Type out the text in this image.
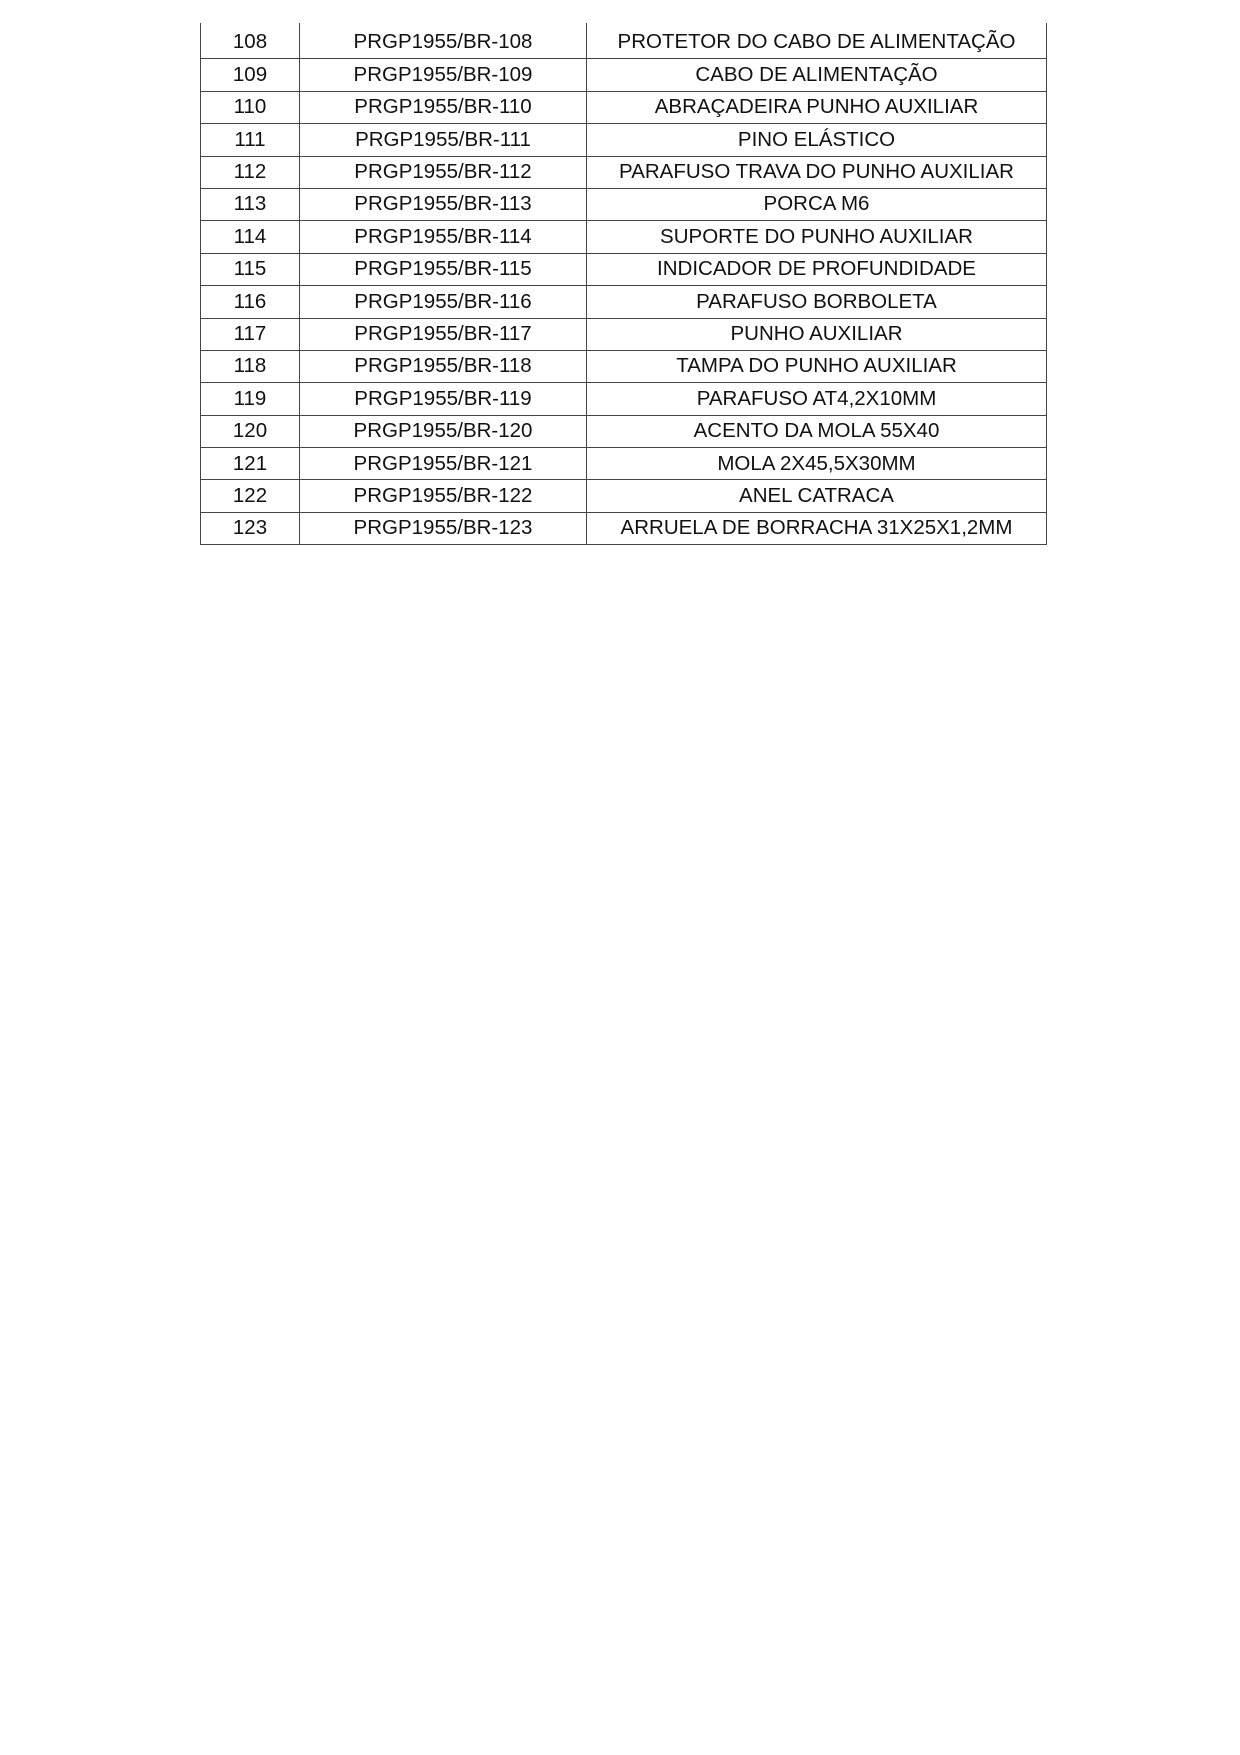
108	PRGP1955/BR-108	PROTETOR DO CABO DE ALIMENTAÇÃO
109	PRGP1955/BR-109	CABO DE ALIMENTAÇÃO
110	PRGP1955/BR-110	ABRAÇADEIRA PUNHO AUXILIAR
111	PRGP1955/BR-111	PINO ELÁSTICO
112	PRGP1955/BR-112	PARAFUSO TRAVA DO PUNHO AUXILIAR
113	PRGP1955/BR-113	PORCA M6
114	PRGP1955/BR-114	SUPORTE DO PUNHO AUXILIAR
115	PRGP1955/BR-115	INDICADOR DE PROFUNDIDADE
116	PRGP1955/BR-116	PARAFUSO BORBOLETA
117	PRGP1955/BR-117	PUNHO AUXILIAR
118	PRGP1955/BR-118	TAMPA DO PUNHO AUXILIAR
119	PRGP1955/BR-119	PARAFUSO AT4,2X10MM
120	PRGP1955/BR-120	ACENTO DA MOLA 55X40
121	PRGP1955/BR-121	MOLA 2X45,5X30MM
122	PRGP1955/BR-122	ANEL CATRACA
123	PRGP1955/BR-123	ARRUELA DE BORRACHA 31X25X1,2MM
